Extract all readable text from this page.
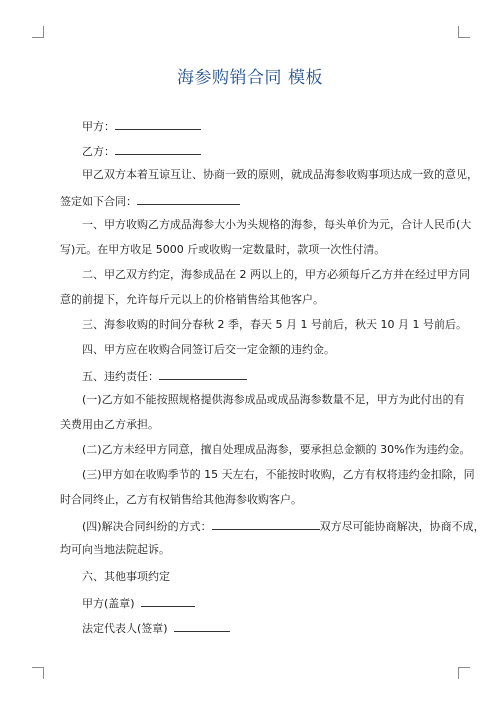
海参购销合同 模板
甲方：
乙方：
甲乙双方本着互谅互让、协商一致的原则，就成品海参收购事项达成一致的意见，
签定如下合同：
一、甲方收购乙方成品海参大小为头规格的海参，每头单价为元，合计人民币(大
写)元。在甲方收足 5000 斤或收购一定数量时，款项一次性付清。
二、甲乙双方约定，海参成品在 2 两以上的，甲方必须每斤乙方并在经过甲方同
意的前提下，允许每斤元以上的价格销售给其他客户。
三、海参收购的时间分春秋 2 季，春天 5 月 1 号前后，秋天 10 月 1 号前后。
四、甲方应在收购合同签订后交一定金额的违约金。
五、违约责任：
(一)乙方如不能按照规格提供海参成品或成品海参数量不足，甲方为此付出的有
关费用由乙方承担。
(二)乙方未经甲方同意，擅自处理成品海参，要承担总金额的 30%作为违约金。
(三)甲方如在收购季节的 15 天左右，不能按时收购，乙方有权将违约金扣除，同
时合同终止，乙方有权销售给其他海参收购客户。
(四)解决合同纠纷的方式：	双方尽可能协商解决，协商不成，
均可向当地法院起诉。
六、其他事项约定
甲方(盖章)
法定代表人(签章)
